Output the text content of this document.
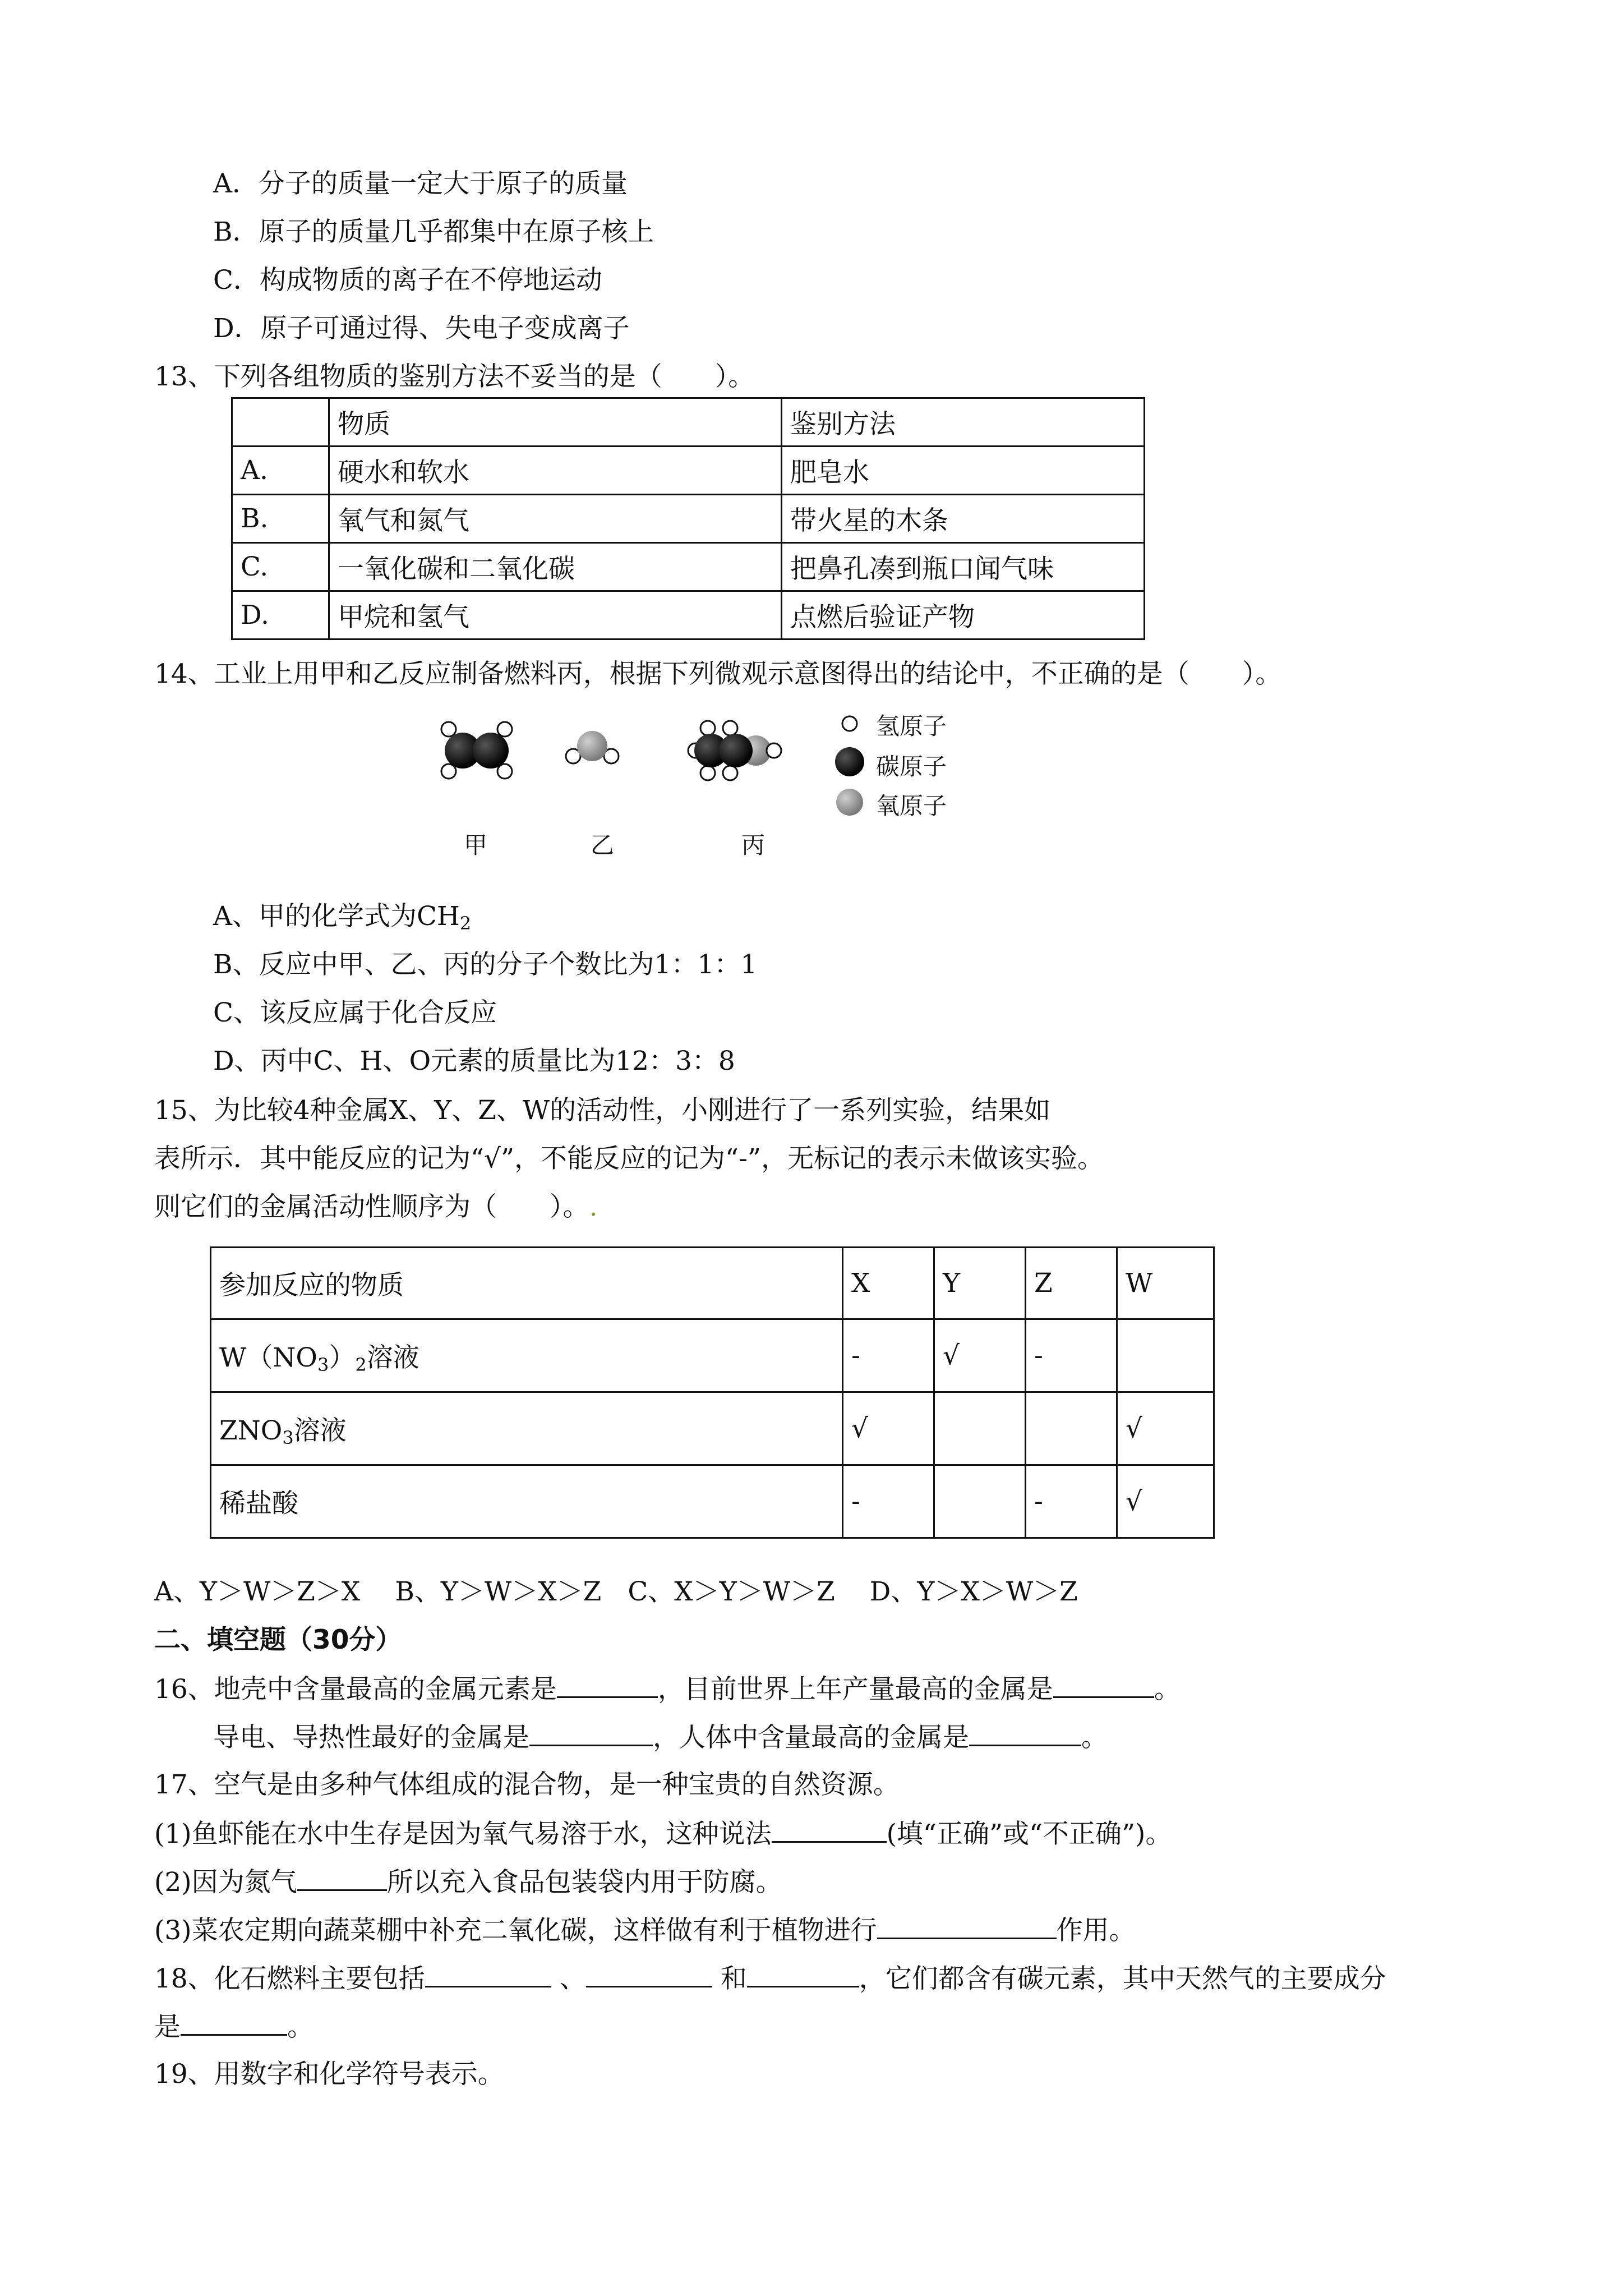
A．分子的质量一定大于原子的质量
B．原子的质量几乎都集中在原子核上
C．构成物质的离子在不停地运动
D．原子可通过得、失电子变成离子
13、下列各组物质的鉴别方法不妥当的是（　　）。
	物质	鉴别方法
A.	硬水和软水	肥皂水
B.	氧气和氮气	带火星的木条
C.	一氧化碳和二氧化碳	把鼻孔凑到瓶口闻气味
D.	甲烷和氢气	点燃后验证产物
14、工业上用甲和乙反应制备燃料丙，根据下列微观示意图得出的结论中，不正确的是（　　）。
氢原子
碳原子
氧原子
甲	乙	丙
A、甲的化学式为$CH_2$
B、反应中甲、乙、丙的分子个数比为1：1：1
C、该反应属于化合反应
D、丙中C、H、O元素的质量比为12：3：8
15、为比较4种金属X、Y、Z、W的活动性，小刚进行了一系列实验，结果如
表所示．其中能反应的记为“√”，不能反应的记为“-”，无标记的表示未做该实验。
则它们的金属活动性顺序为（　　）。.
参加反应的物质	X	Y	Z	W
$W(NO_3)_2$溶液	-	√	-	
$ZNO_3$溶液	√			√
稀盐酸	-		-	√
A、Y＞W＞Z＞X　 B、Y＞W＞X＞Z　C、X＞Y＞W＞Z　 D、Y＞X＞W＞Z
二、填空题（30分）
16、地壳中含量最高的金属元素是	，目前世界上年产量最高的金属是	。
导电、导热性最好的金属是	，人体中含量最高的金属是	。
17、空气是由多种气体组成的混合物，是一种宝贵的自然资源。
(1)鱼虾能在水中生存是因为氧气易溶于水，这种说法	(填“正确”或“不正确”)。
(2)因为氮气	所以充入食品包装袋内用于防腐。
(3)菜农定期向蔬菜棚中补充二氧化碳，这样做有利于植物进行	作用。
18、化石燃料主要包括	、	和	，它们都含有碳元素，其中天然气的主要成分
是	。
19、用数字和化学符号表示。
